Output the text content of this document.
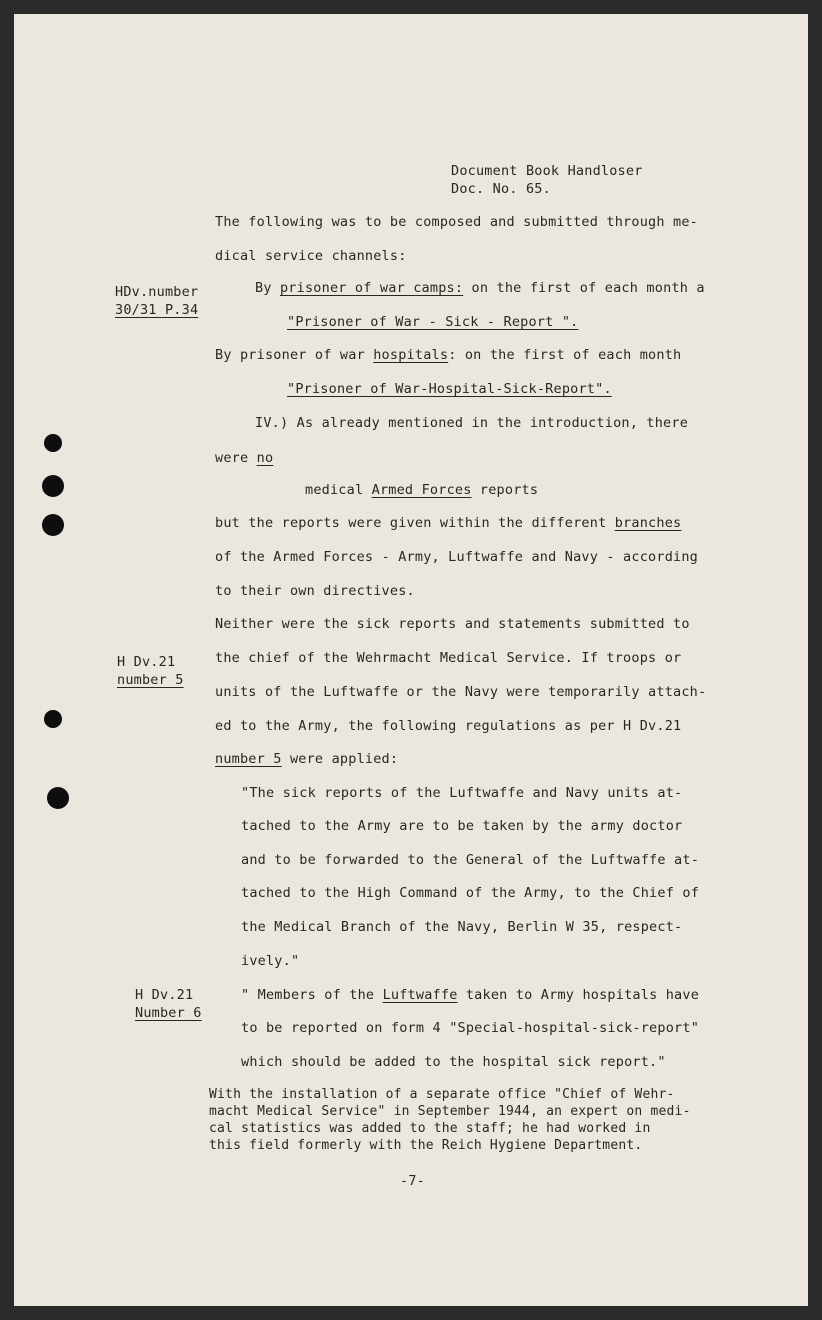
Document Book Handloser
Doc. No. 65.
HDv.number
30/31 P.34
H Dv.21
number 5
H Dv.21
Number 6
The following was to be composed and submitted through me-
dical service channels:
By prisoner of war camps: on the first of each month a
"Prisoner of War - Sick - Report ".
By prisoner of war hospitals: on the first of each month
"Prisoner of War-Hospital-Sick-Report".
IV.) As already mentioned in the introduction, there
were no
medical Armed Forces reports
but the reports were given within the different branches
of the Armed Forces - Army, Luftwaffe and Navy - according
to their own directives.
Neither were the sick reports and statements submitted to
the chief of the Wehrmacht Medical Service. If troops or
units of the Luftwaffe or the Navy were temporarily attach-
ed to the Army, the following regulations as per H Dv.21
number 5 were applied:
"The sick reports of the Luftwaffe and Navy units at-
tached to the Army are to be taken by the army doctor
and to be forwarded to the General of the Luftwaffe at-
tached to the High Command of the Army, to the Chief of
the Medical Branch of the Navy, Berlin W 35, respect-
ively."
" Members of the Luftwaffe taken to Army hospitals have
to be reported on form 4 "Special-hospital-sick-report"
which should be added to the hospital sick report."
With the installation of a separate office "Chief of Wehr-
macht Medical Service" in September 1944, an expert on medi-
cal statistics was added to the staff; he had worked in
this field formerly with the Reich Hygiene Department.
-7-
